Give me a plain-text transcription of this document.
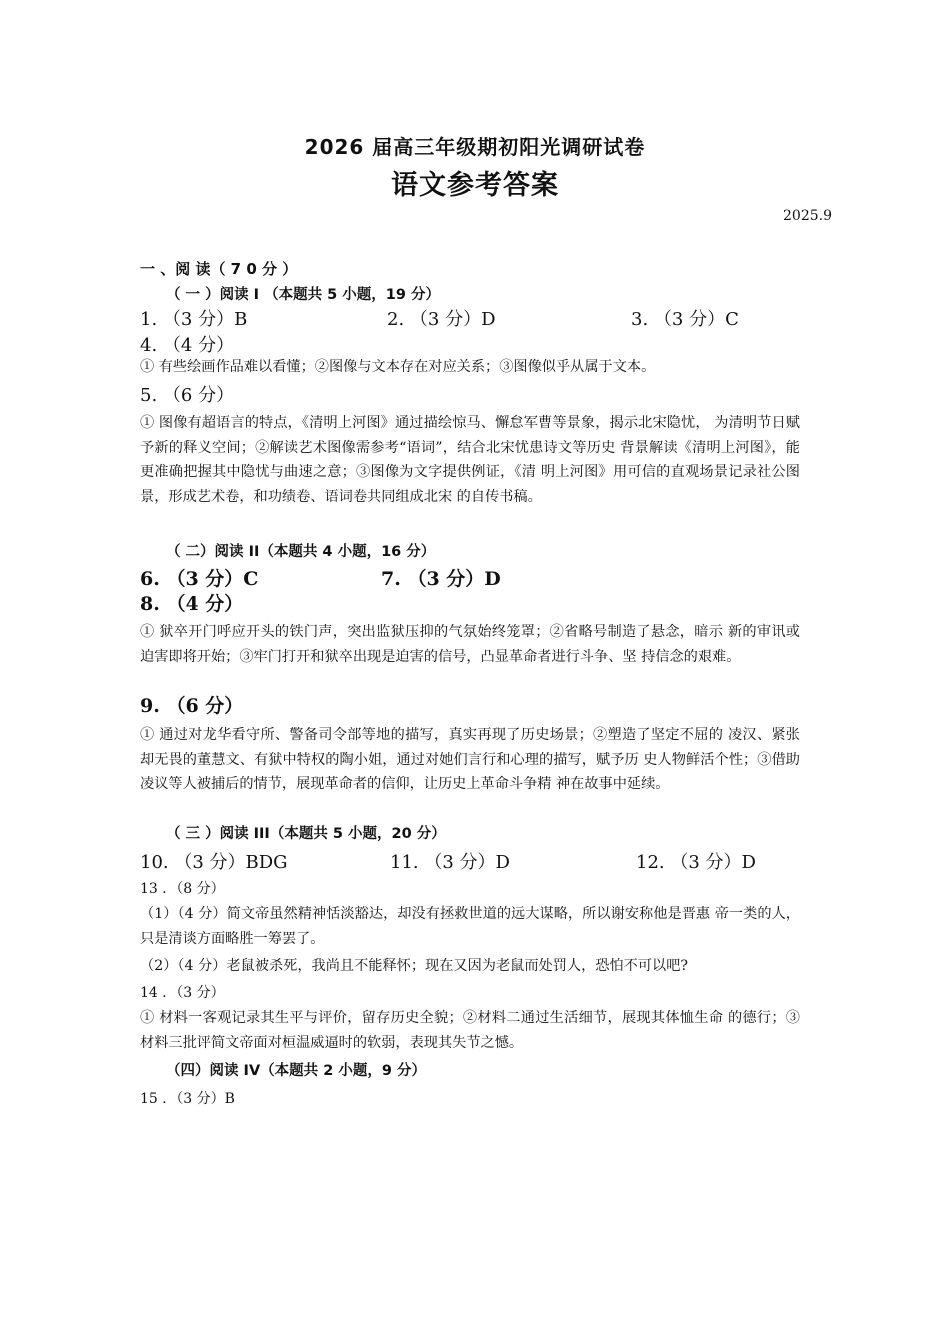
2026 届高三年级期初阳光调研试卷
语文参考答案
2025.9
一 、阅 读（ 7 0 分 ）
（ 一 ）阅读 I （本题共 5 小题，19 分）
1. （3 分）B	2. （3 分）D	3. （3 分）C
4. （4 分）
① 有些绘画作品难以看懂；②图像与文本存在对应关系；③图像似乎从属于文本。
5. （6 分）
① 图像有超语言的特点，《清明上河图》通过描绘惊马、懈怠军曹等景象，揭示北宋隐忧， 为清明节日赋予新的释义空间；②解读艺术图像需参考“语词”，结合北宋忧患诗文等历史 背景解读《清明上河图》，能更准确把握其中隐忧与曲速之意；③图像为文字提供例证，《清 明上河图》用可信的直观场景记录社公图景，形成艺术卷，和功绩卷、语词卷共同组成北宋 的自传书稿。
（ 二）阅读 II（本题共 4 小题，16 分）
6. （3 分）C	7. （3 分）D
8. （4 分）
① 狱卒开门呼应开头的铁门声，突出监狱压抑的气氛始终笼罩；②省略号制造了悬念，暗示 新的审讯或迫害即将开始；③牢门打开和狱卒出现是迫害的信号，凸显革命者进行斗争、坚 持信念的艰难。
9. （6 分）
① 通过对龙华看守所、警备司令部等地的描写，真实再现了历史场景；②塑造了坚定不屈的 凌汉、紧张却无畏的董慧文、有狱中特权的陶小姐，通过对她们言行和心理的描写，赋予历 史人物鲜活个性；③借助凌议等人被捕后的情节，展现革命者的信仰，让历史上革命斗争精 神在故事中延续。
（ 三 ）阅读 III（本题共 5 小题，20 分）
10. （3 分）BDG	11. （3 分）D	12. （3 分）D
13 ．（8 分）
（1）（4 分）简文帝虽然精神恬淡豁达，却没有拯救世道的远大谋略，所以谢安称他是晋惠 帝一类的人，只是清谈方面略胜一筹罢了。
（2）（4 分）老鼠被杀死，我尚且不能释怀；现在又因为老鼠而处罚人，恐怕不可以吧?
14 ．（3 分）
① 材料一客观记录其生平与评价，留存历史全貌；②材料二通过生活细节，展现其体恤生命 的德行；③材料三批评简文帝面对桓温威逼时的软弱，表现其失节之憾。
（四）阅读 IV（本题共 2 小题，9 分）
15 ．（3 分）B
